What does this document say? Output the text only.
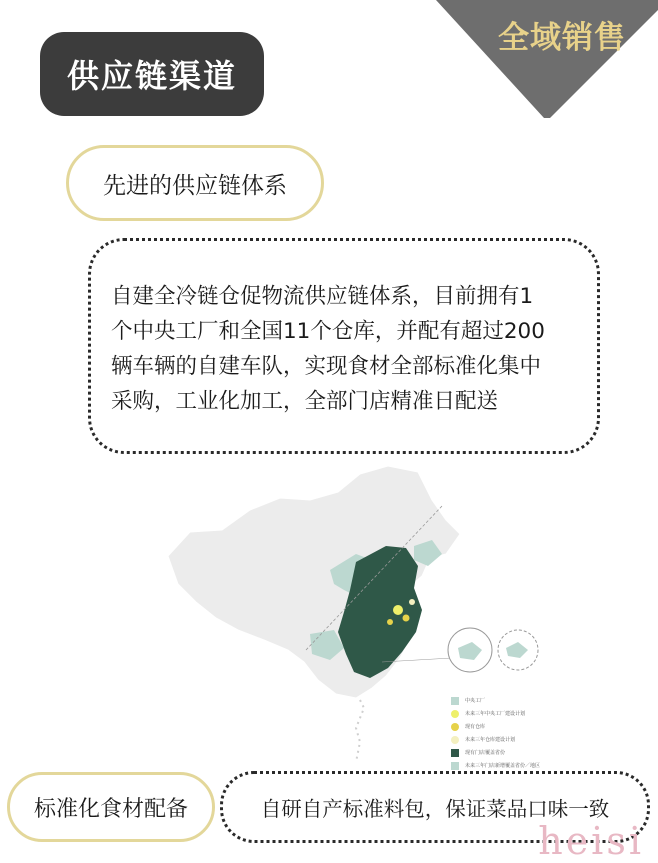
全域销售
供应链渠道
先进的供应链体系
自建全冷链仓促物流供应链体系，目前拥有1
个中央工厂和全国11个仓库，并配有超过200
辆车辆的自建车队，实现食材全部标准化集中
采购，工业化加工，全部门店精准日配送
中央工厂
未来三年中央工厂建设计划
现有仓库
未来三年仓库建设计划
现有门店覆盖省份
未来三年门店新增覆盖省份／地区
标准化食材配备	自研自产标准料包，保证菜品口味一致
heisi
